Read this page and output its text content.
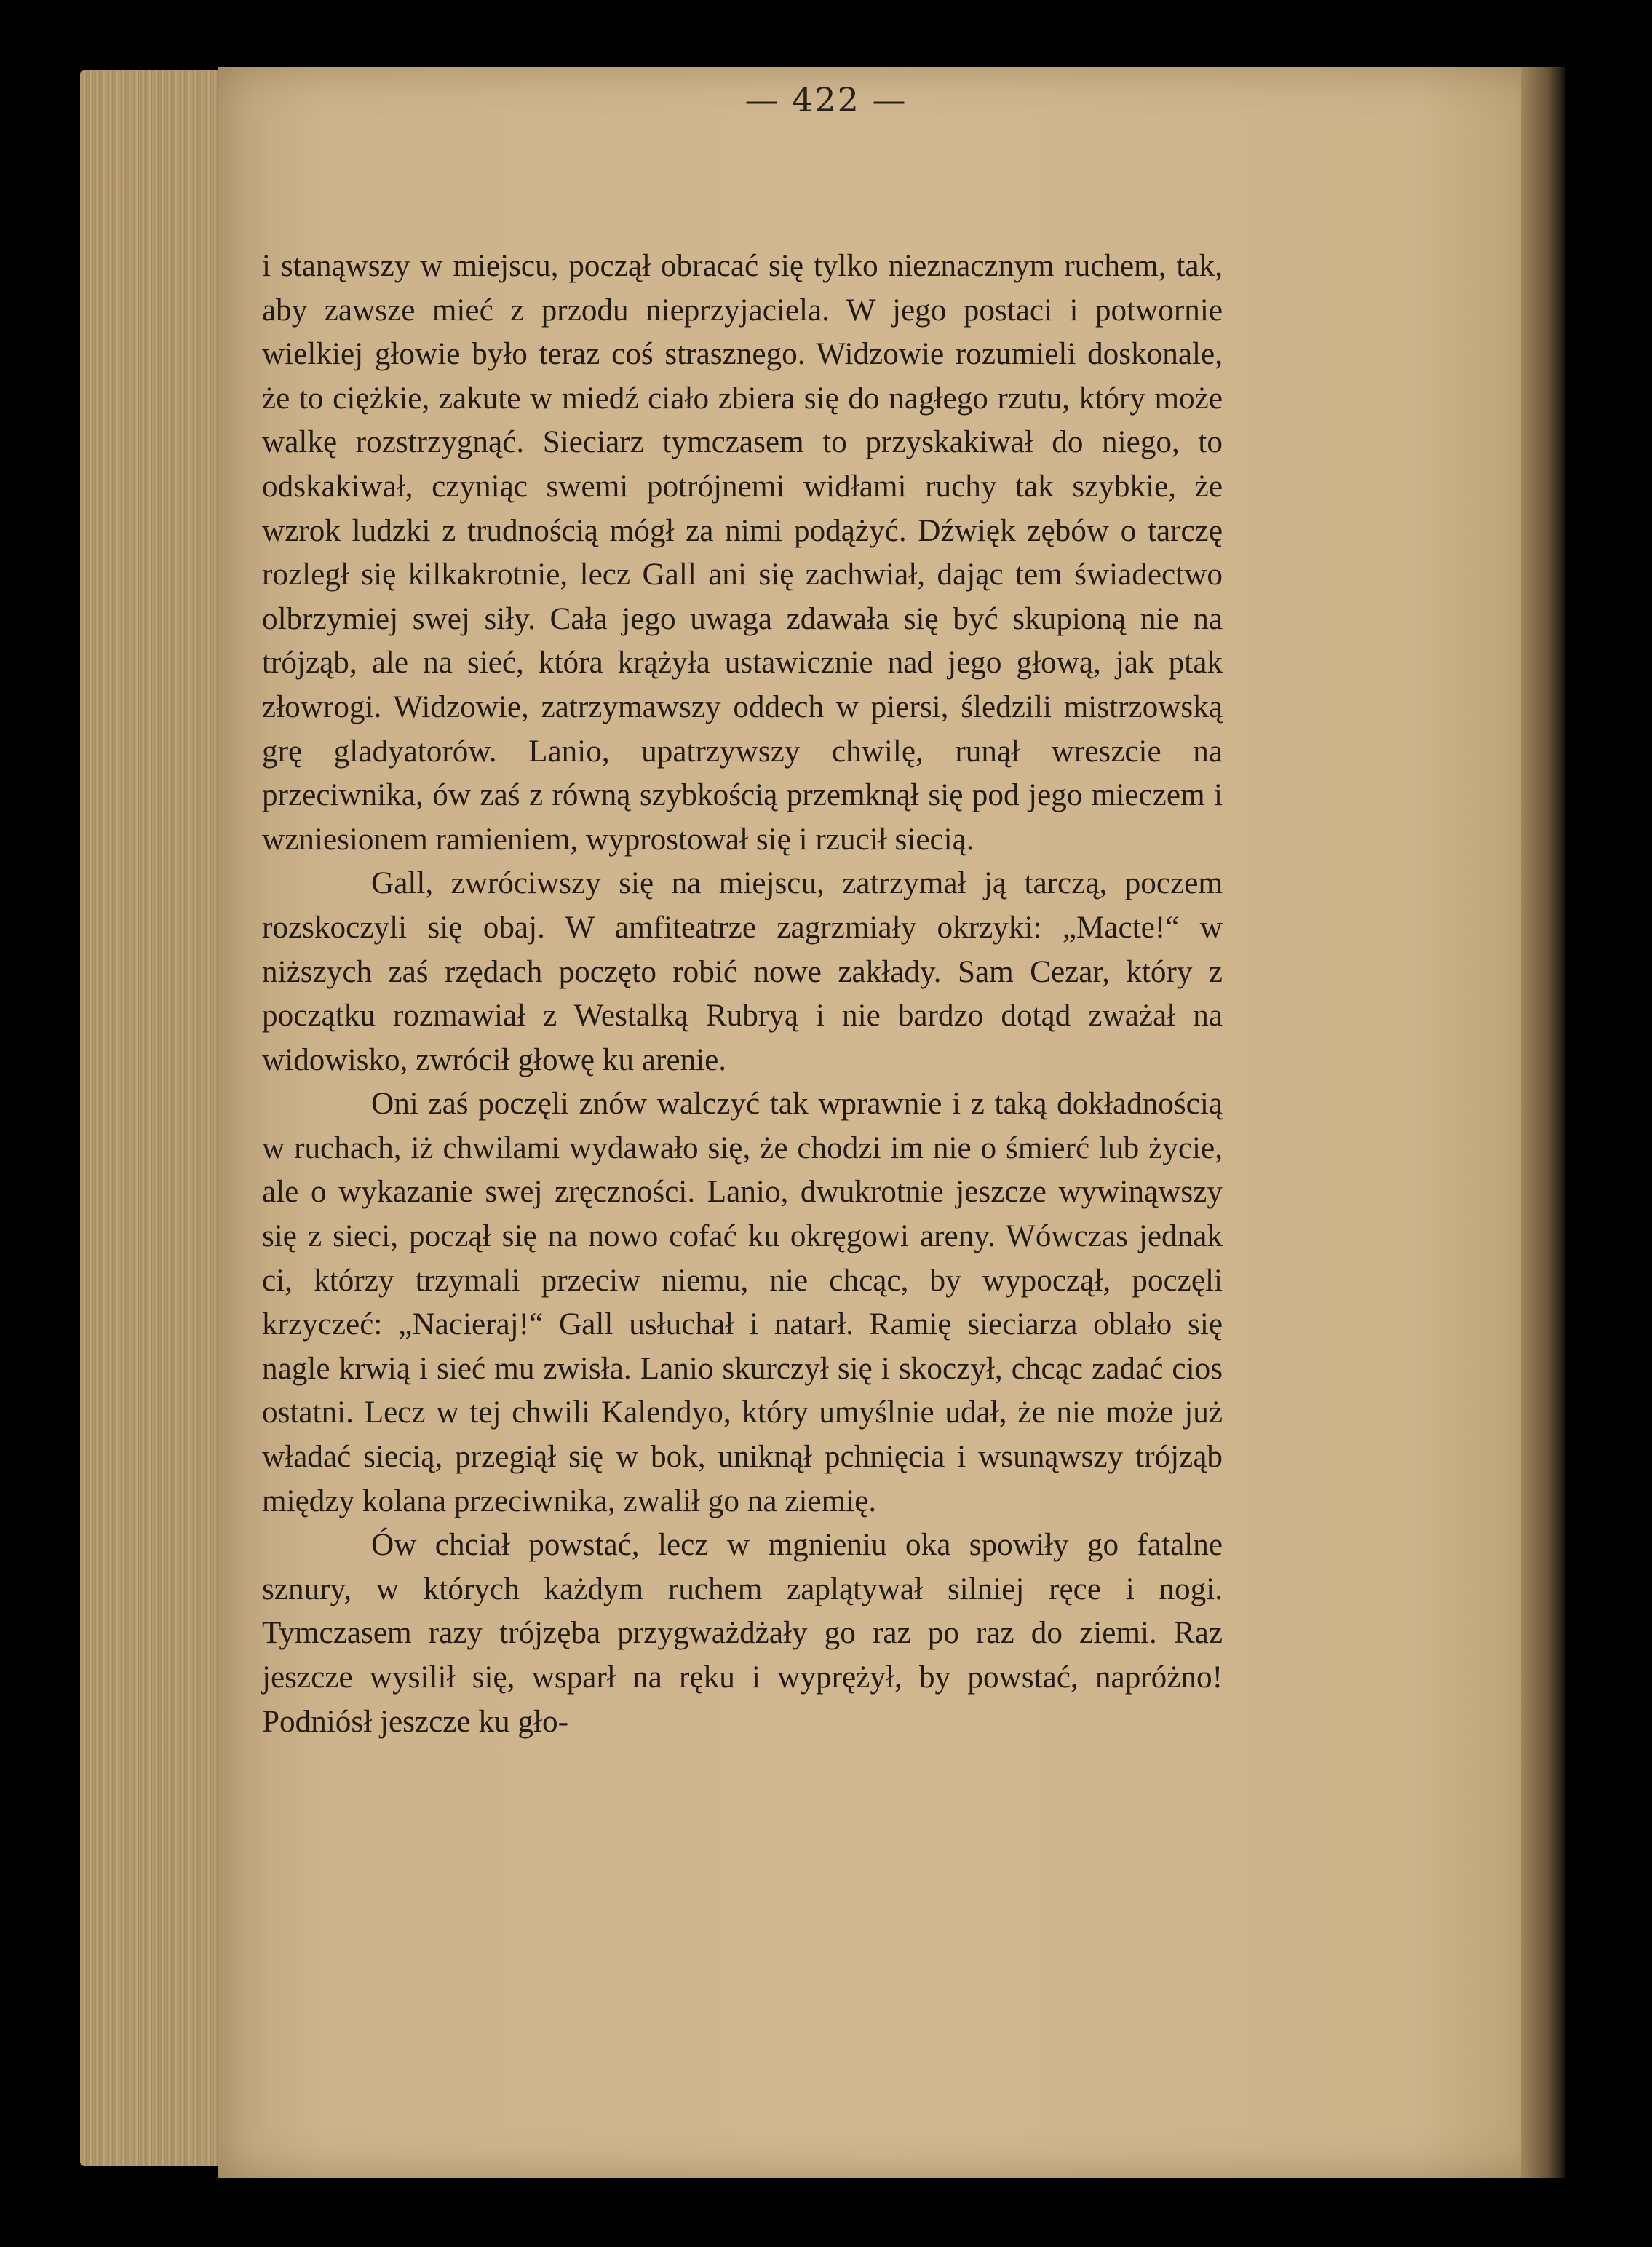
— 422 —

i stanąwszy w miejscu, począł obracać się tylko nieznacznym ruchem, tak, aby zawsze mieć z przodu nieprzyjaciela. W jego postaci i potwornie wielkiej głowie było teraz coś strasznego. Widzowie rozumieli doskonale, że to ciężkie, zakute w miedź ciało zbiera się do nagłego rzutu, który może walkę rozstrzygnąć. Sieciarz tymczasem to przyskakiwał do niego, to odskakiwał, czyniąc swemi potrójnemi widłami ruchy tak szybkie, że wzrok ludzki z trudnością mógł za nimi podążyć. Dźwięk zębów o tarczę rozległ się kilkakrotnie, lecz Gall ani się zachwiał, dając tem świadectwo olbrzymiej swej siły. Cała jego uwaga zdawała się być skupioną nie na trójząb, ale na sieć, która krążyła ustawicznie nad jego głową, jak ptak złowrogi. Widzowie, zatrzymawszy oddech w piersi, śledzili mistrzowską grę gladyatorów. Lanio, upatrzywszy chwilę, runął wreszcie na przeciwnika, ów zaś z równą szybkością przemknął się pod jego mieczem i wzniesionem ramieniem, wyprostował się i rzucił siecią.

Gall, zwróciwszy się na miejscu, zatrzymał ją tarczą, poczem rozskoczyli się obaj. W amfiteatrze zagrzmiały okrzyki: „Macte!“ w niższych zaś rzędach poczęto robić nowe zakłady. Sam Cezar, który z początku rozmawiał z Westalką Rubryą i nie bardzo dotąd zważał na widowisko, zwrócił głowę ku arenie.

Oni zaś poczęli znów walczyć tak wprawnie i z taką dokładnością w ruchach, iż chwilami wydawało się, że chodzi im nie o śmierć lub życie, ale o wykazanie swej zręczności. Lanio, dwukrotnie jeszcze wywinąwszy się z sieci, począł się na nowo cofać ku okręgowi areny. Wówczas jednak ci, którzy trzymali przeciw niemu, nie chcąc, by wypoczął, poczęli krzyczeć: „Nacieraj!“ Gall usłuchał i natarł. Ramię sieciarza oblało się nagle krwią i sieć mu zwisła. Lanio skurczył się i skoczył, chcąc zadać cios ostatni. Lecz w tej chwili Kalendyo, który umyślnie udał, że nie może już władać siecią, przegiął się w bok, uniknął pchnięcia i wsunąwszy trójząb między kolana przeciwnika, zwalił go na ziemię.

Ów chciał powstać, lecz w mgnieniu oka spowiły go fatalne sznury, w których każdym ruchem zaplątywał silniej ręce i nogi. Tymczasem razy trójzęba przygważdżały go raz po raz do ziemi. Raz jeszcze wysilił się, wsparł na ręku i wyprężył, by powstać, napróżno! Podniósł jeszcze ku gło-
